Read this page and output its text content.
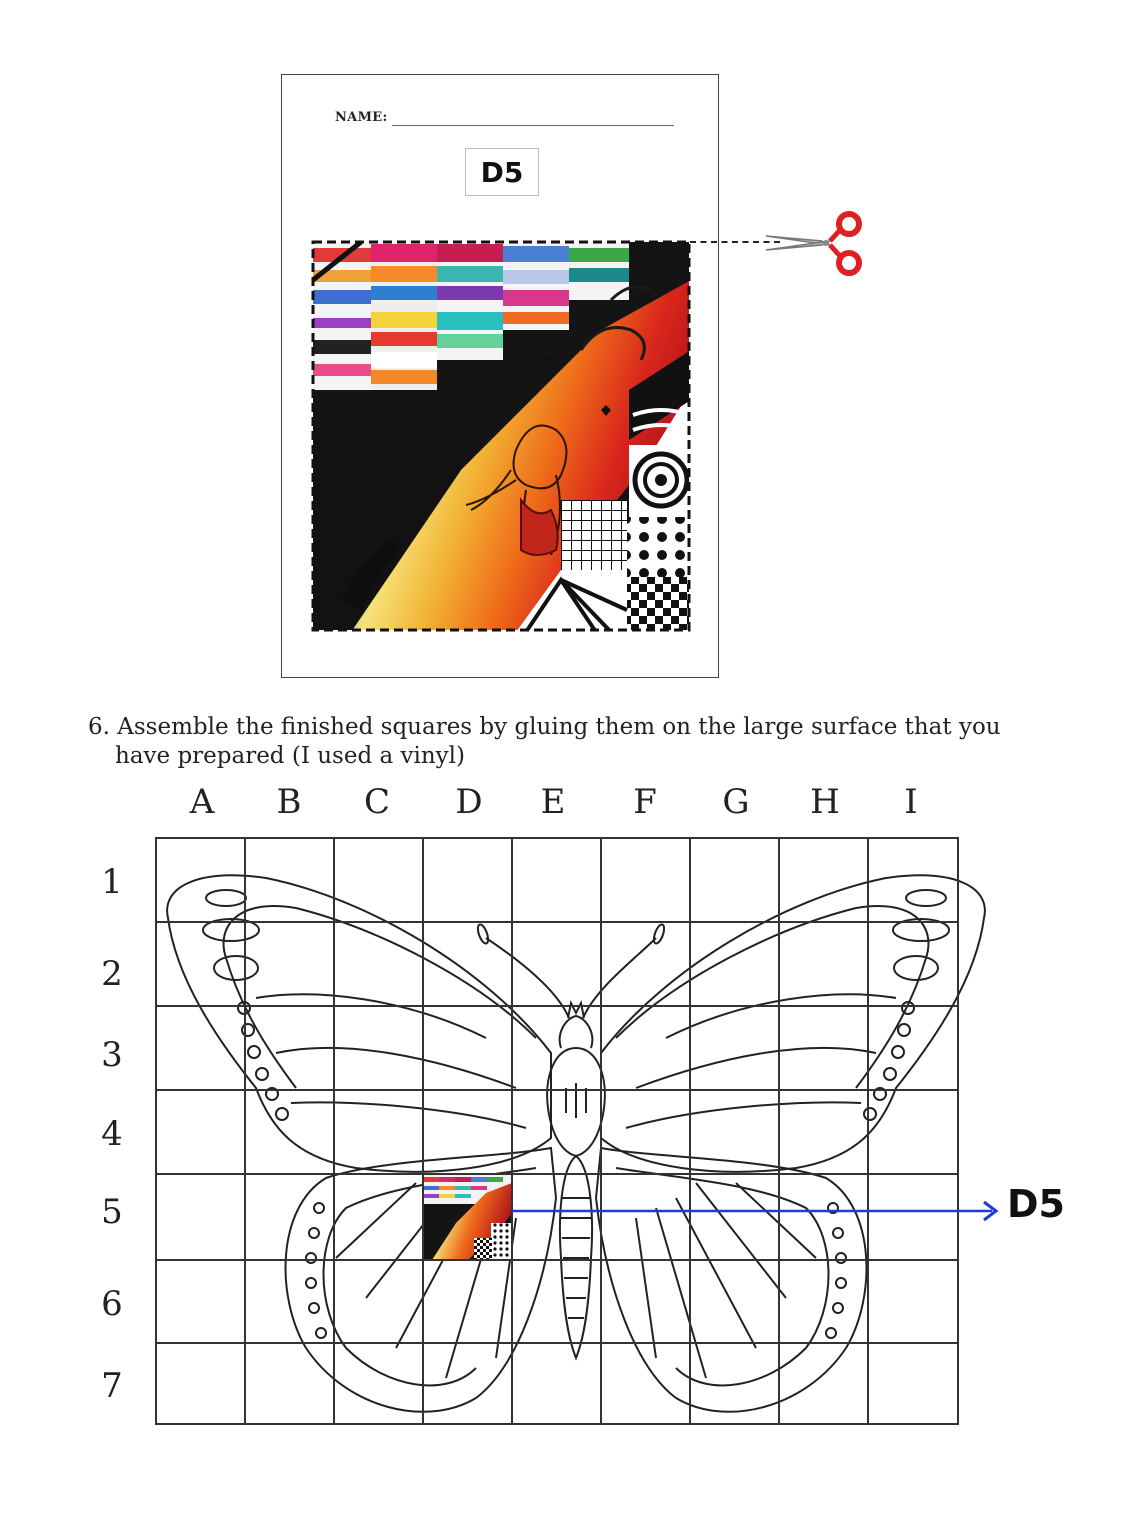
NAME:
D5
6. Assemble the finished squares by gluing them on the large surface that you
have prepared (I used a vinyl)
A	B	C	D	E	F	G	H	I
1
2
3
4
5
6
7
D5
